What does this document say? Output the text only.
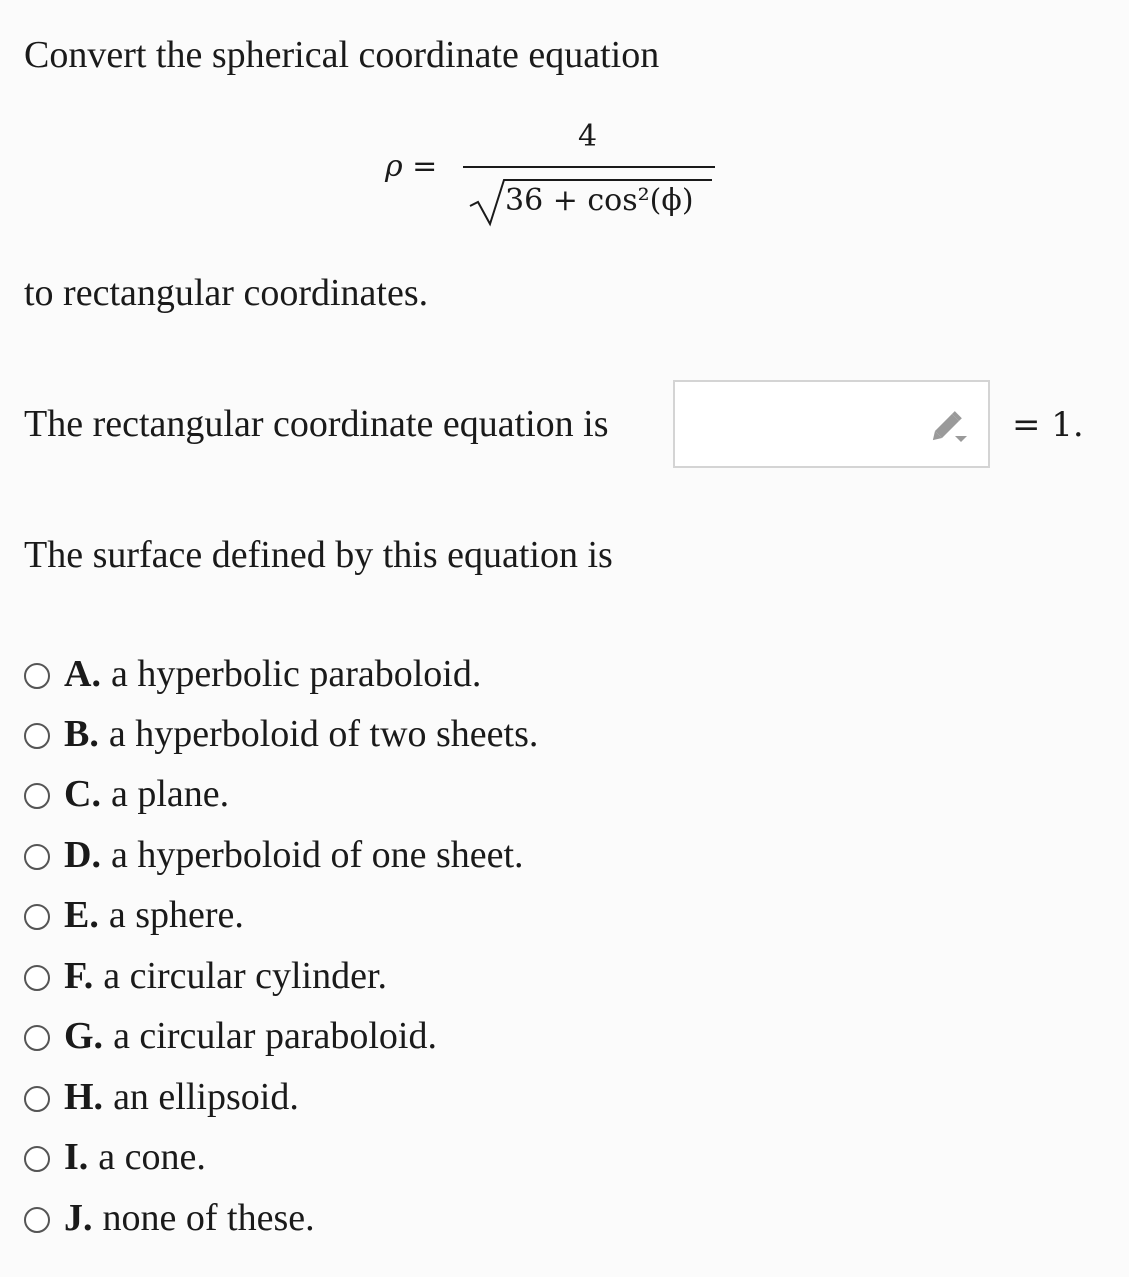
Convert the spherical coordinate equation
ρ =
4
36 + cos²(ϕ)
to rectangular coordinates.
The rectangular coordinate equation is	= 1.
The surface defined by this equation is
A. a hyperbolic paraboloid.
B. a hyperboloid of two sheets.
C. a plane.
D. a hyperboloid of one sheet.
E. a sphere.
F. a circular cylinder.
G. a circular paraboloid.
H. an ellipsoid.
I. a cone.
J. none of these.
